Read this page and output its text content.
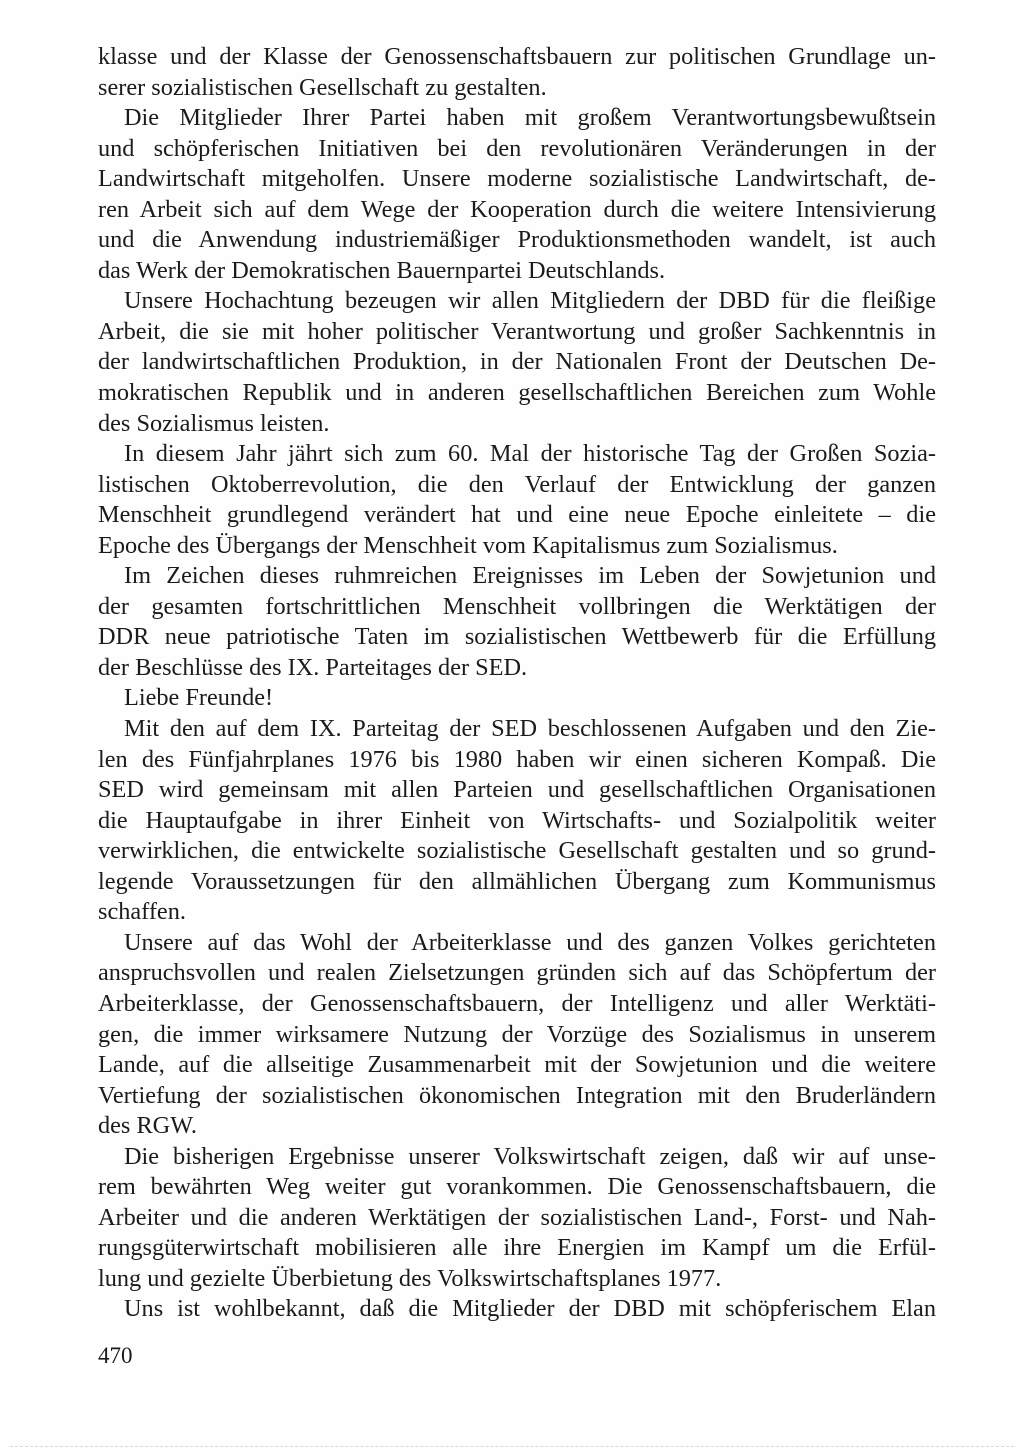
klasse und der Klasse der Genossenschaftsbauern zur politischen Grundlage un-
serer sozialistischen Gesellschaft zu gestalten.
Die Mitglieder Ihrer Partei haben mit großem Verantwortungsbewußtsein
und schöpferischen Initiativen bei den revolutionären Veränderungen in der
Landwirtschaft mitgeholfen. Unsere moderne sozialistische Landwirtschaft, de-
ren Arbeit sich auf dem Wege der Kooperation durch die weitere Intensivierung
und die Anwendung industriemäßiger Produktionsmethoden wandelt, ist auch
das Werk der Demokratischen Bauernpartei Deutschlands.
Unsere Hochachtung bezeugen wir allen Mitgliedern der DBD für die fleißige
Arbeit, die sie mit hoher politischer Verantwortung und großer Sachkenntnis in
der landwirtschaftlichen Produktion, in der Nationalen Front der Deutschen De-
mokratischen Republik und in anderen gesellschaftlichen Bereichen zum Wohle
des Sozialismus leisten.
In diesem Jahr jährt sich zum 60. Mal der historische Tag der Großen Sozia-
listischen Oktoberrevolution, die den Verlauf der Entwicklung der ganzen
Menschheit grundlegend verändert hat und eine neue Epoche einleitete – die
Epoche des Übergangs der Menschheit vom Kapitalismus zum Sozialismus.
Im Zeichen dieses ruhmreichen Ereignisses im Leben der Sowjetunion und
der gesamten fortschrittlichen Menschheit vollbringen die Werktätigen der
DDR neue patriotische Taten im sozialistischen Wettbewerb für die Erfüllung
der Beschlüsse des IX. Parteitages der SED.
Liebe Freunde!
Mit den auf dem IX. Parteitag der SED beschlossenen Aufgaben und den Zie-
len des Fünfjahrplanes 1976 bis 1980 haben wir einen sicheren Kompaß. Die
SED wird gemeinsam mit allen Parteien und gesellschaftlichen Organisationen
die Hauptaufgabe in ihrer Einheit von Wirtschafts- und Sozialpolitik weiter
verwirklichen, die entwickelte sozialistische Gesellschaft gestalten und so grund-
legende Voraussetzungen für den allmählichen Übergang zum Kommunismus
schaffen.
Unsere auf das Wohl der Arbeiterklasse und des ganzen Volkes gerichteten
anspruchsvollen und realen Zielsetzungen gründen sich auf das Schöpfertum der
Arbeiterklasse, der Genossenschaftsbauern, der Intelligenz und aller Werktäti-
gen, die immer wirksamere Nutzung der Vorzüge des Sozialismus in unserem
Lande, auf die allseitige Zusammenarbeit mit der Sowjetunion und die weitere
Vertiefung der sozialistischen ökonomischen Integration mit den Bruderländern
des RGW.
Die bisherigen Ergebnisse unserer Volkswirtschaft zeigen, daß wir auf unse-
rem bewährten Weg weiter gut vorankommen. Die Genossenschaftsbauern, die
Arbeiter und die anderen Werktätigen der sozialistischen Land-, Forst- und Nah-
rungsgüterwirtschaft mobilisieren alle ihre Energien im Kampf um die Erfül-
lung und gezielte Überbietung des Volkswirtschaftsplanes 1977.
Uns ist wohlbekannt, daß die Mitglieder der DBD mit schöpferischem Elan
470
